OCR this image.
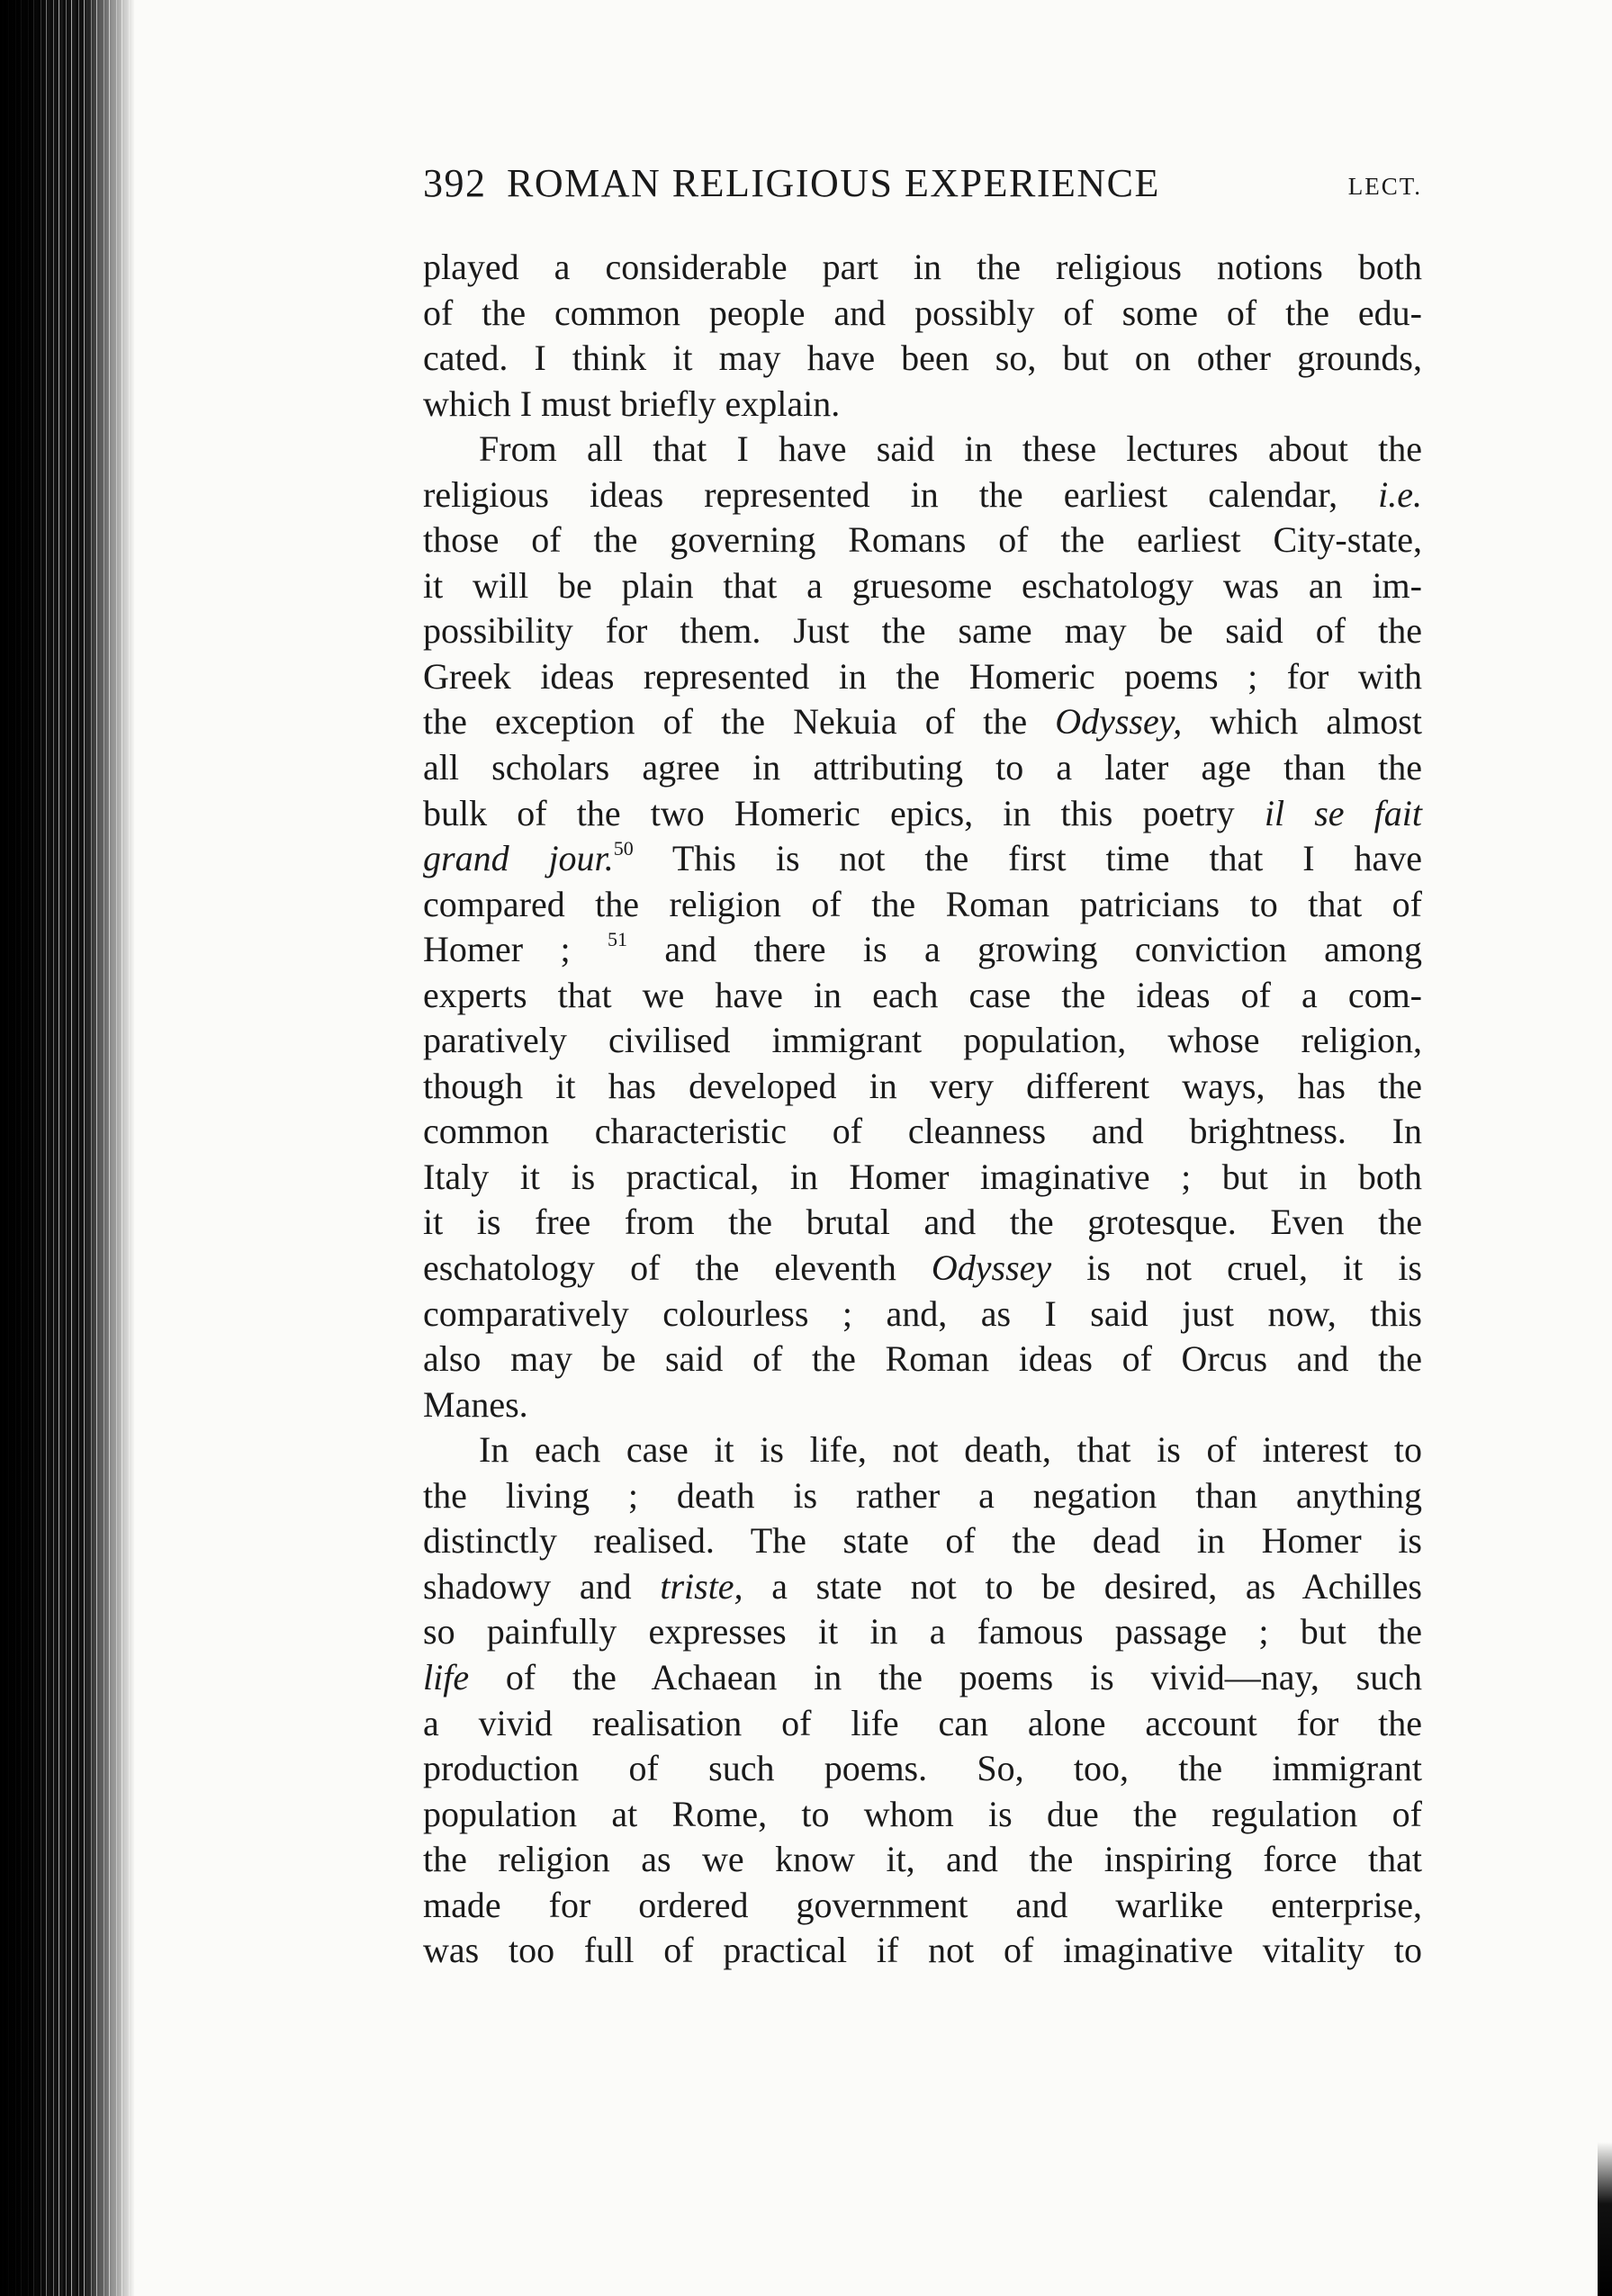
392 ROMAN RELIGIOUS EXPERIENCE	LECT.
played a considerable part in the religious notions both
of the common people and possibly of some of the edu-
cated. I think it may have been so, but on other grounds,
which I must briefly explain.
From all that I have said in these lectures about the
religious ideas represented in the earliest calendar, i.e.
those of the governing Romans of the earliest City-state,
it will be plain that a gruesome eschatology was an im-
possibility for them. Just the same may be said of the
Greek ideas represented in the Homeric poems ; for with
the exception of the Nekuia of the Odyssey, which almost
all scholars agree in attributing to a later age than the
bulk of the two Homeric epics, in this poetry il se fait
grand jour.$^{50}$ This is not the first time that I have
compared the religion of the Roman patricians to that of
Homer ; $^{51}$ and there is a growing conviction among
experts that we have in each case the ideas of a com-
paratively civilised immigrant population, whose religion,
though it has developed in very different ways, has the
common characteristic of cleanness and brightness. In
Italy it is practical, in Homer imaginative ; but in both
it is free from the brutal and the grotesque. Even the
eschatology of the eleventh Odyssey is not cruel, it is
comparatively colourless ; and, as I said just now, this
also may be said of the Roman ideas of Orcus and the
Manes.
In each case it is life, not death, that is of interest to
the living ; death is rather a negation than anything
distinctly realised. The state of the dead in Homer is
shadowy and triste, a state not to be desired, as Achilles
so painfully expresses it in a famous passage ; but the
life of the Achaean in the poems is vivid—nay, such
a vivid realisation of life can alone account for the
production of such poems. So, too, the immigrant
population at Rome, to whom is due the regulation of
the religion as we know it, and the inspiring force that
made for ordered government and warlike enterprise,
was too full of practical if not of imaginative vitality to
